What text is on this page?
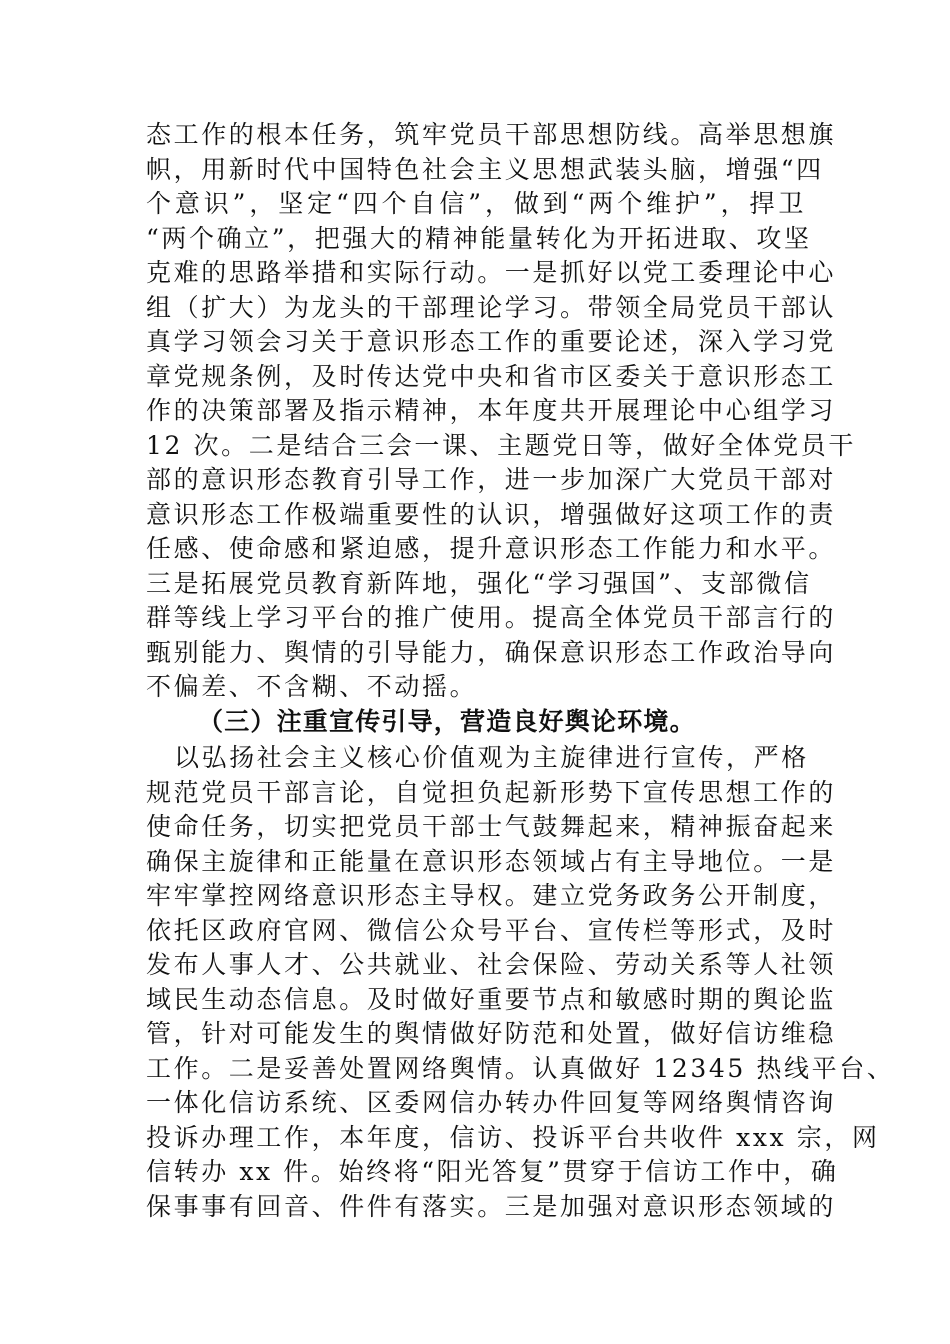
态工作的根本任务，筑牢党员干部思想防线。高举思想旗
帜，用新时代中国特色社会主义思想武装头脑，增强“四
个意识”，坚定“四个自信”，做到“两个维护”，捍卫
“两个确立”，把强大的精神能量转化为开拓进取、攻坚
克难的思路举措和实际行动。一是抓好以党工委理论中心
组（扩大）为龙头的干部理论学习。带领全局党员干部认
真学习领会习关于意识形态工作的重要论述，深入学习党
章党规条例，及时传达党中央和省市区委关于意识形态工
作的决策部署及指示精神，本年度共开展理论中心组学习
12 次。二是结合三会一课、主题党日等，做好全体党员干
部的意识形态教育引导工作，进一步加深广大党员干部对
意识形态工作极端重要性的认识，增强做好这项工作的责
任感、使命感和紧迫感，提升意识形态工作能力和水平。
三是拓展党员教育新阵地，强化“学习强国”、支部微信
群等线上学习平台的推广使用。提高全体党员干部言行的
甄别能力、舆情的引导能力，确保意识形态工作政治导向
不偏差、不含糊、不动摇。
（三）注重宣传引导，营造良好舆论环境。
以弘扬社会主义核心价值观为主旋律进行宣传，严格
规范党员干部言论，自觉担负起新形势下宣传思想工作的
使命任务，切实把党员干部士气鼓舞起来，精神振奋起来
确保主旋律和正能量在意识形态领域占有主导地位。一是
牢牢掌控网络意识形态主导权。建立党务政务公开制度，
依托区政府官网、微信公众号平台、宣传栏等形式，及时
发布人事人才、公共就业、社会保险、劳动关系等人社领
域民生动态信息。及时做好重要节点和敏感时期的舆论监
管，针对可能发生的舆情做好防范和处置，做好信访维稳
工作。二是妥善处置网络舆情。认真做好 12345 热线平台、
一体化信访系统、区委网信办转办件回复等网络舆情咨询
投诉办理工作，本年度，信访、投诉平台共收件 xxx 宗，网
信转办 xx 件。始终将“阳光答复”贯穿于信访工作中，确
保事事有回音、件件有落实。三是加强对意识形态领域的
